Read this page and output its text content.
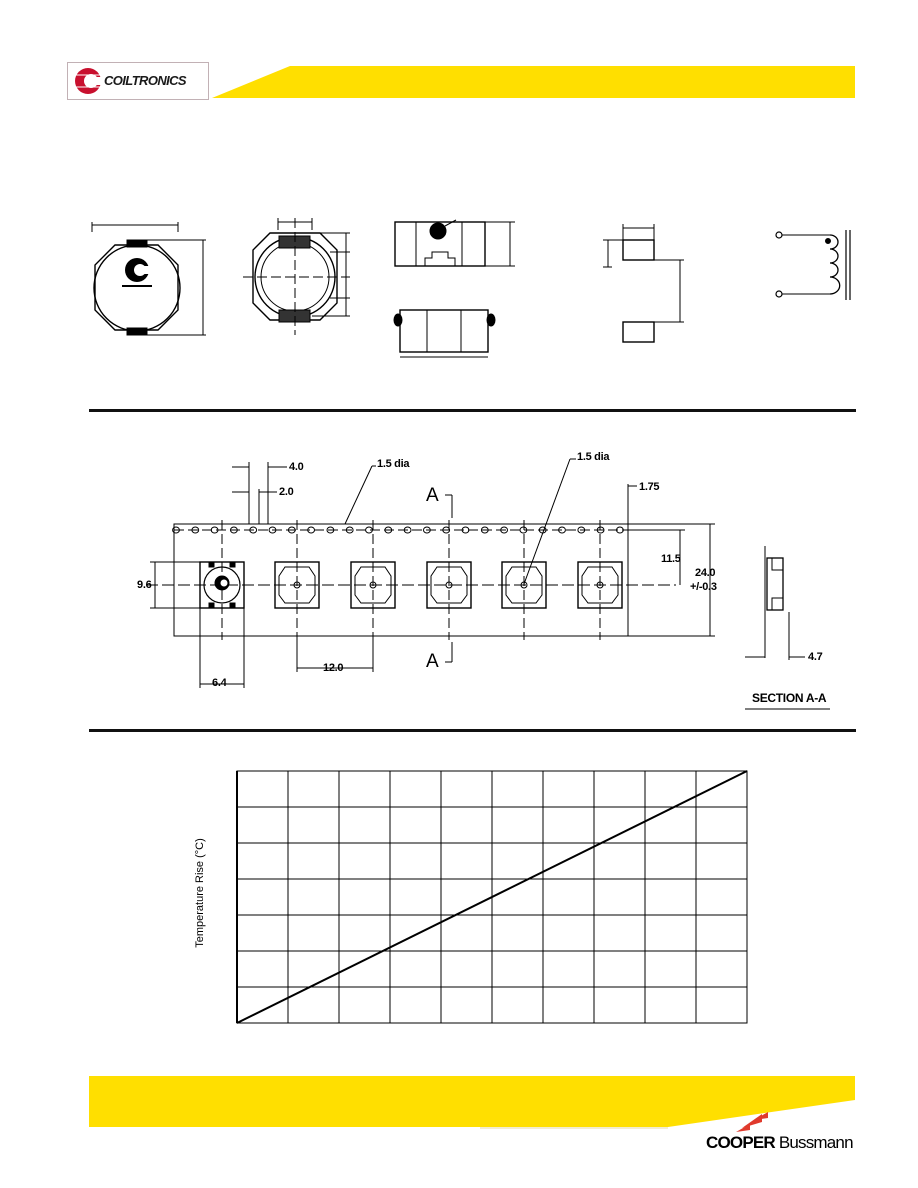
COILTRONICS
4.0
2.0
1.5 dia
1.5 dia
1.75
A
A
11.5
24.0
+/-0.3
9.6
12.0
6.4
4.7
SECTION A-A
Temperature Rise (°C)
COOPER Bussmann
